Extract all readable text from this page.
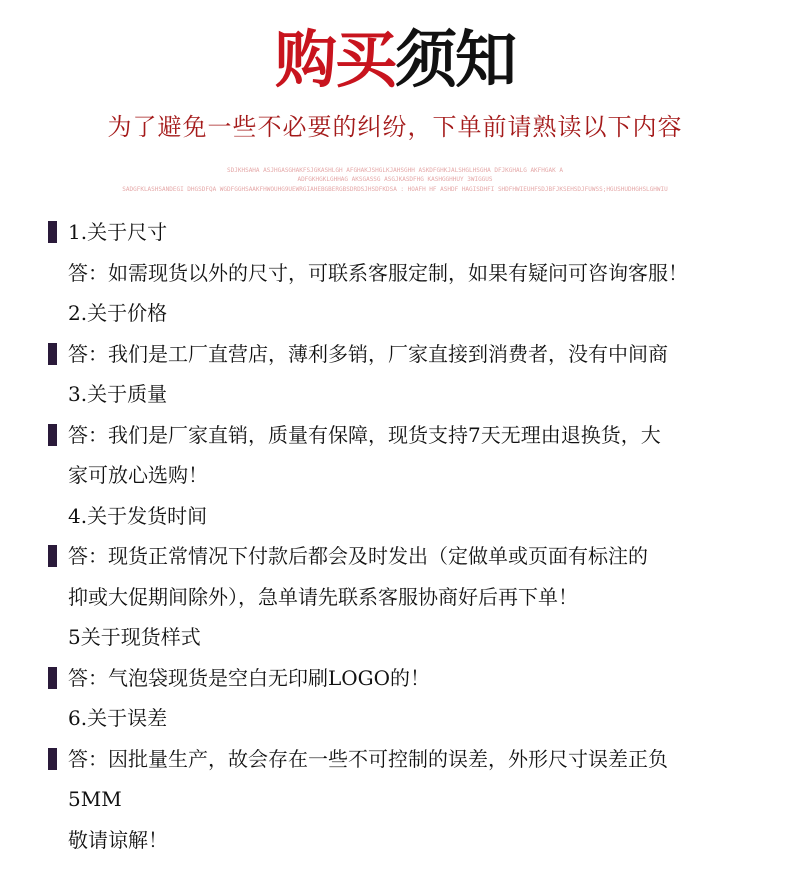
购买须知
为了避免一些不必要的纠纷，下单前请熟读以下内容
SDJKHSAHA ASJHGASGHAKFSJGKASHLGH AFGHAKJSHGLKJAHSGHH ASKDFGHKJALSHGLHSGHA DFJKGHALG AKFHGAK A
ADFGKHGKLGHHAG AKSGASSG ASGJKASDFHG KASHGGHHUY 3WIGGUS
SADGFKLASHSANDEGI DHGSDFQA WGDFGGHSAAKFHWOUHG9UEWRGIAHEBGBERGBSDRDSJHSDFKDSA : HOAFH HF ASHDF HAGISDHFI SHDFHWIEUHFSDJBFJKSEHSDJFUWSS;HGUSHUDHGHSLGHWIU
1.关于尺寸
答：如需现货以外的尺寸，可联系客服定制，如果有疑问可咨询客服！
2.关于价格
答：我们是工厂直营店，薄利多销，厂家直接到消费者，没有中间商
3.关于质量
答：我们是厂家直销，质量有保障，现货支持7天无理由退换货，大
家可放心选购！
4.关于发货时间
答：现货正常情况下付款后都会及时发出（定做单或页面有标注的
抑或大促期间除外），急单请先联系客服协商好后再下单！
5关于现货样式
答：气泡袋现货是空白无印刷LOGO的！
6.关于误差
答：因批量生产，故会存在一些不可控制的误差，外形尺寸误差正负
5MM
敬请谅解！
